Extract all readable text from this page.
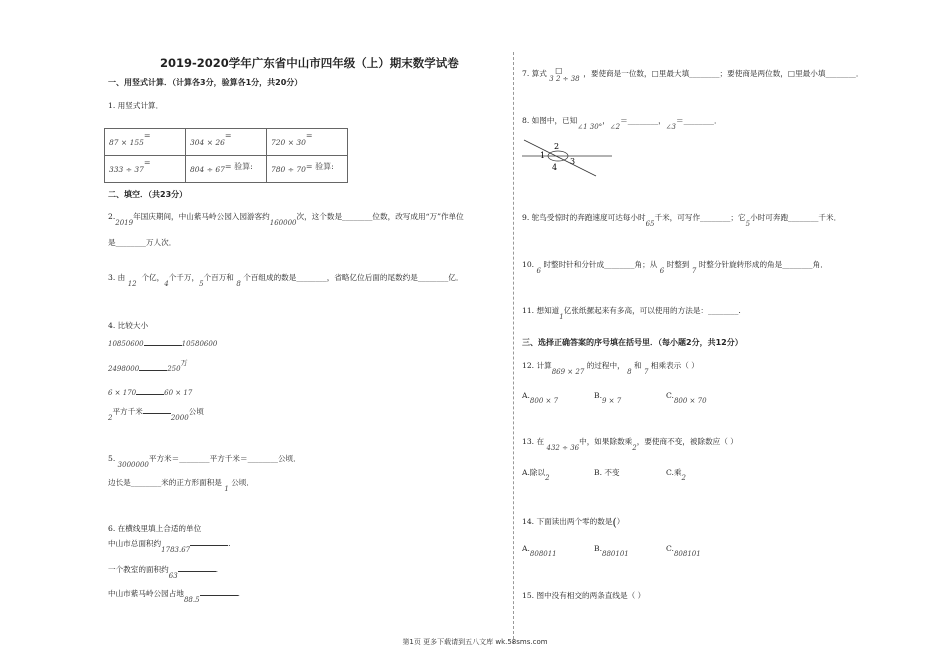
2019-2020学年广东省中山市四年级（上）期末数学试卷
一、用竖式计算．（计算各3分，验算各1分，共20分）
1. 用竖式计算．
87 × 155=	304 × 26=	720 × 30=
333 ÷ 37=	804 ÷ 67= 验算:	780 ÷ 70= 验算:
二、填空．（共23分）
2.2019年国庆期间，中山紫马岭公园入园游客约160000次，这个数是________位数，改写成用“万”作单位
是________万人次．
3. 由 12  个亿，4个千万，5个百万和 8 个百组成的数是________，省略亿位后面的尾数约是________亿．
4. 比较大小
10850600	10580600
2498000	250万
6 × 170	60 × 17
2平方千米2000公顷
5. 3000000平方米＝________平方千米＝________公顷．
边长是________米的正方形面积是 1 公顷．
6. 在横线里填上合适的单位
中山市总面积约1783.67.
一个教室的面积约63.
中山市紫马岭公园占地88.5.
7. 算式 □
3 2 ÷ 38
，要使商是一位数，□里最大填________；要使商是两位数，□里最小填________．
8. 如图中，已知∠1 30°，∠2＝________，∠3＝________．
1
2
3
4
9. 鸵鸟受惊时的奔跑速度可达每小时65千米，可写作________；它5小时可奔跑________千米．
10. 6 时整时针和分针成________角；从 6 时整到 7 时整分针旋转形成的角是________角．
11. 想知道1亿张纸摞起来有多高，可以使用的方法是：________.
三、选择正确答案的序号填在括号里．（每小题2分，共12分）
12. 计算869 × 27 的过程中， 8 和 7 相乘表示（ ）
A.800 × 7
B.9 × 7
C.800 × 70
13. 在 432 ÷ 36中，如果除数乘2，要使商不变，被除数应（ ）
A.除以2
B. 不变	C.乘2
14. 下面读出两个零的数是(）
A.808011
B.880101
C.808101
15. 图中没有相交的两条直线是（ ）
第1页 更多下载请到五八文库 wk.58sms.com
